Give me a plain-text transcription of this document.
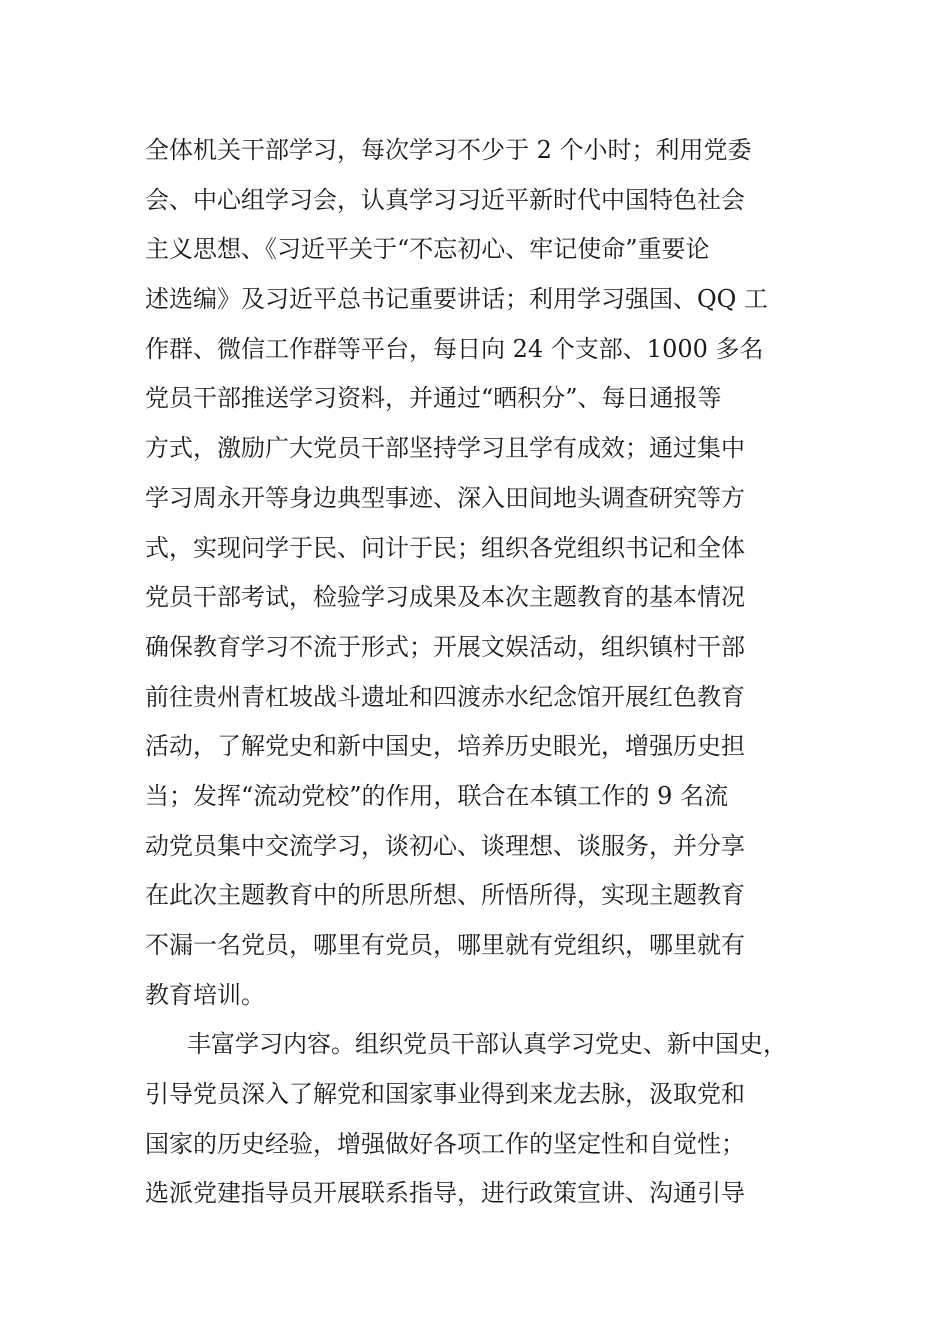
全体机关干部学习，每次学习不少于 2 个小时；利用党委
会、中心组学习会，认真学习习近平新时代中国特色社会
主义思想、《习近平关于“不忘初心、牢记使命”重要论
述选编》及习近平总书记重要讲话；利用学习强国、QQ 工
作群、微信工作群等平台，每日向 24 个支部、1000 多名
党员干部推送学习资料，并通过“晒积分”、每日通报等
方式，激励广大党员干部坚持学习且学有成效；通过集中
学习周永开等身边典型事迹、深入田间地头调查研究等方
式，实现问学于民、问计于民；组织各党组织书记和全体
党员干部考试，检验学习成果及本次主题教育的基本情况
确保教育学习不流于形式；开展文娱活动，组织镇村干部
前往贵州青杠坡战斗遗址和四渡赤水纪念馆开展红色教育
活动，了解党史和新中国史，培养历史眼光，增强历史担
当；发挥“流动党校”的作用，联合在本镇工作的 9 名流
动党员集中交流学习，谈初心、谈理想、谈服务，并分享
在此次主题教育中的所思所想、所悟所得，实现主题教育
不漏一名党员，哪里有党员，哪里就有党组织，哪里就有
教育培训。
丰富学习内容。组织党员干部认真学习党史、新中国史，
引导党员深入了解党和国家事业得到来龙去脉，汲取党和
国家的历史经验，增强做好各项工作的坚定性和自觉性；
选派党建指导员开展联系指导，进行政策宣讲、沟通引导
